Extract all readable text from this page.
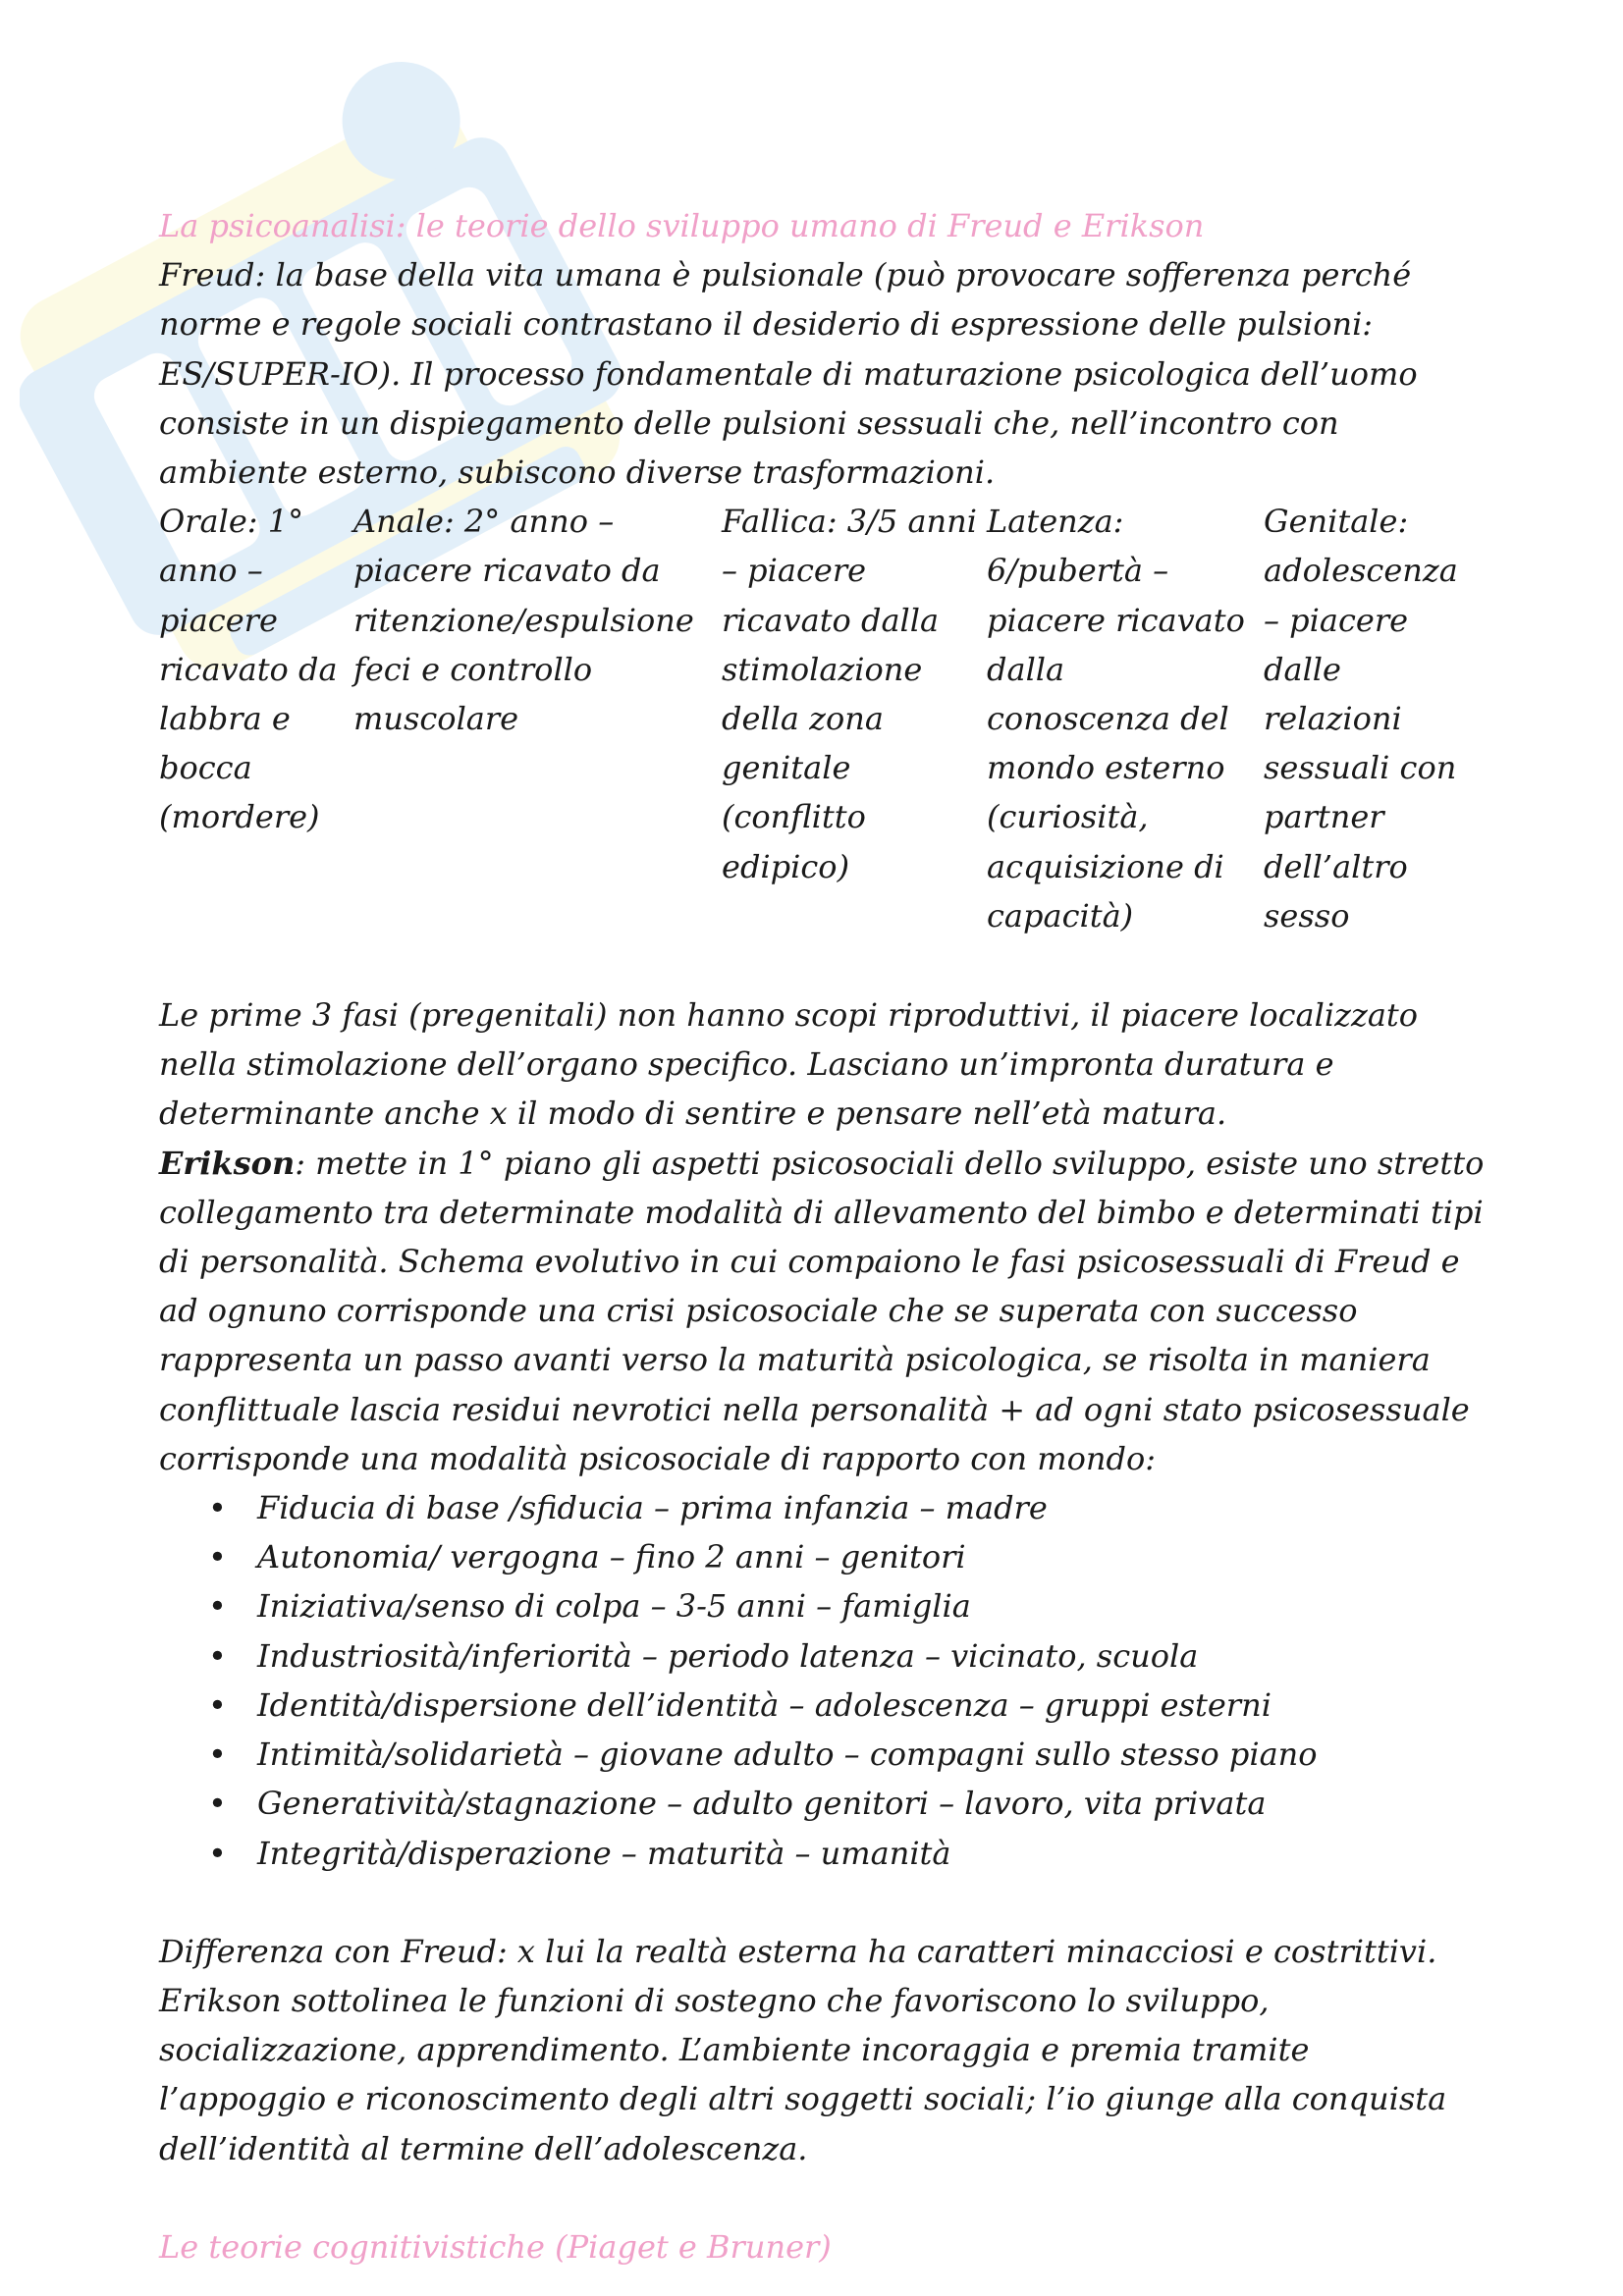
La psicoanalisi: le teorie dello sviluppo umano di Freud e Erikson

Freud: la base della vita umana è pulsionale (può provocare sofferenza perché norme e regole sociali contrastano il desiderio di espressione delle pulsioni: ES/SUPER-IO). Il processo fondamentale di maturazione psicologica dell’uomo consiste in un dispiegamento delle pulsioni sessuali che, nell’incontro con ambiente esterno, subiscono diverse trasformazioni.

Orale: 1° anno – piacere ricavato da labbra e bocca (mordere)
Anale: 2° anno – piacere ricavato da ritenzione/espulsione feci e controllo muscolare
Fallica: 3/5 anni – piacere ricavato dalla stimolazione della zona genitale (conflitto edipico)
Latenza: 6/pubertà – piacere ricavato dalla conoscenza del mondo esterno (curiosità, acquisizione di capacità)
Genitale: adolescenza – piacere dalle relazioni sessuali con partner dell’altro sesso

Le prime 3 fasi (pregenitali) non hanno scopi riproduttivi, il piacere localizzato nella stimolazione dell’organo specifico. Lasciano un’impronta duratura e determinante anche x il modo di sentire e pensare nell’età matura.

Erikson: mette in 1° piano gli aspetti psicosociali dello sviluppo, esiste uno stretto collegamento tra determinate modalità di allevamento del bimbo e determinati tipi di personalità. Schema evolutivo in cui compaiono le fasi psicosessuali di Freud e ad ognuno corrisponde una crisi psicosociale che se superata con successo rappresenta un passo avanti verso la maturità psicologica, se risolta in maniera conflittuale lascia residui nevrotici nella personalità + ad ogni stato psicosessuale corrisponde una modalità psicosociale di rapporto con mondo:

• Fiducia di base /sfiducia – prima infanzia – madre
• Autonomia/ vergogna – fino 2 anni – genitori
• Iniziativa/senso di colpa – 3-5 anni – famiglia
• Industriosità/inferiorità – periodo latenza – vicinato, scuola
• Identità/dispersione dell’identità – adolescenza – gruppi esterni
• Intimità/solidarietà – giovane adulto – compagni sullo stesso piano
• Generatività/stagnazione – adulto genitori – lavoro, vita privata
• Integrità/disperazione – maturità – umanità

Differenza con Freud: x lui la realtà esterna ha caratteri minacciosi e costrittivi. Erikson sottolinea le funzioni di sostegno che favoriscono lo sviluppo, socializzazione, apprendimento. L’ambiente incoraggia e premia tramite l’appoggio e riconoscimento degli altri soggetti sociali; l’io giunge alla conquista dell’identità al termine dell’adolescenza.

Le teorie cognitivistiche (Piaget e Bruner)
